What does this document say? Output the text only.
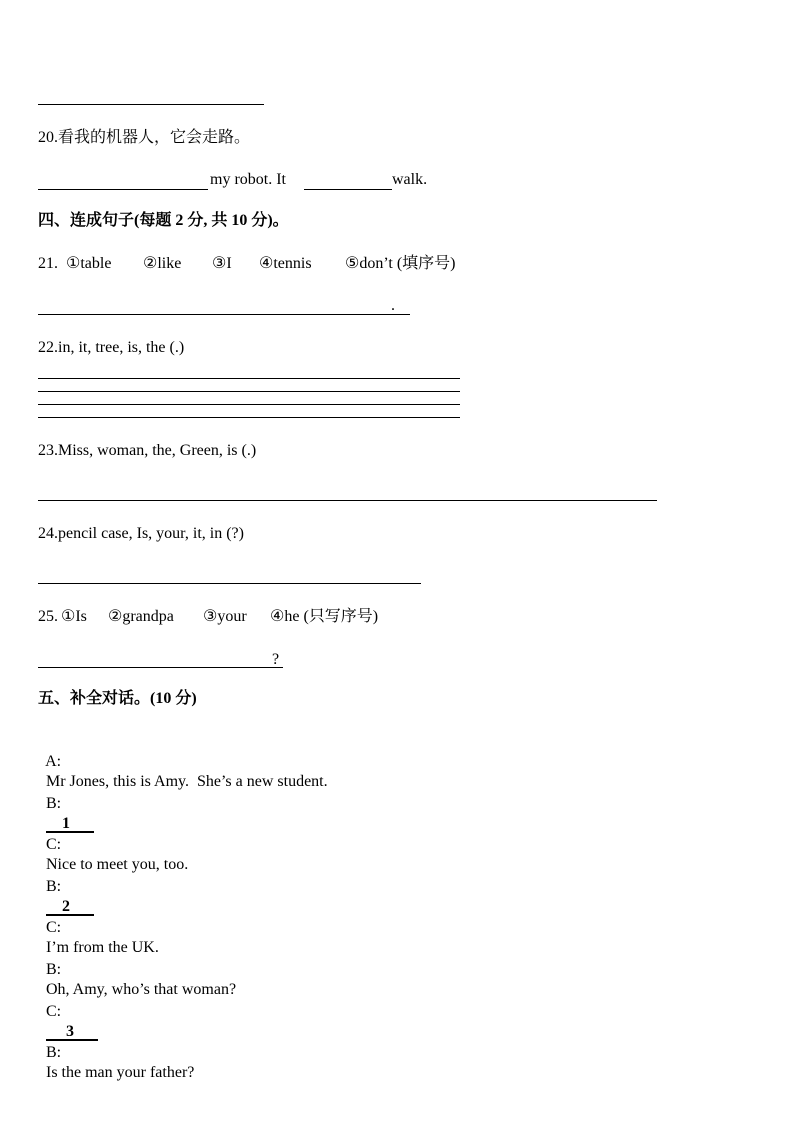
20.看我的机器人，它会走路。
my robot. It	walk.
四、连成句子(每题 2 分, 共 10 分)。
21. ①table ②like ③I ④tennis ⑤don’t (填序号)
.
22.in, it, tree, is, the (.)
23.Miss, woman, the, Green, is (.)
24.pencil case, Is, your, it, in (?)
25. ①Is ②grandpa ③your ④he (只写序号)
?
五、补全对话。(10 分)

A:
Mr Jones, this is Amy.  She’s a new student.

B:
1

C:
Nice to meet you, too.

B:
2

C:
I’m from the UK.

B:
Oh, Amy, who’s that woman?

C:
3

B:
Is the man your father?
